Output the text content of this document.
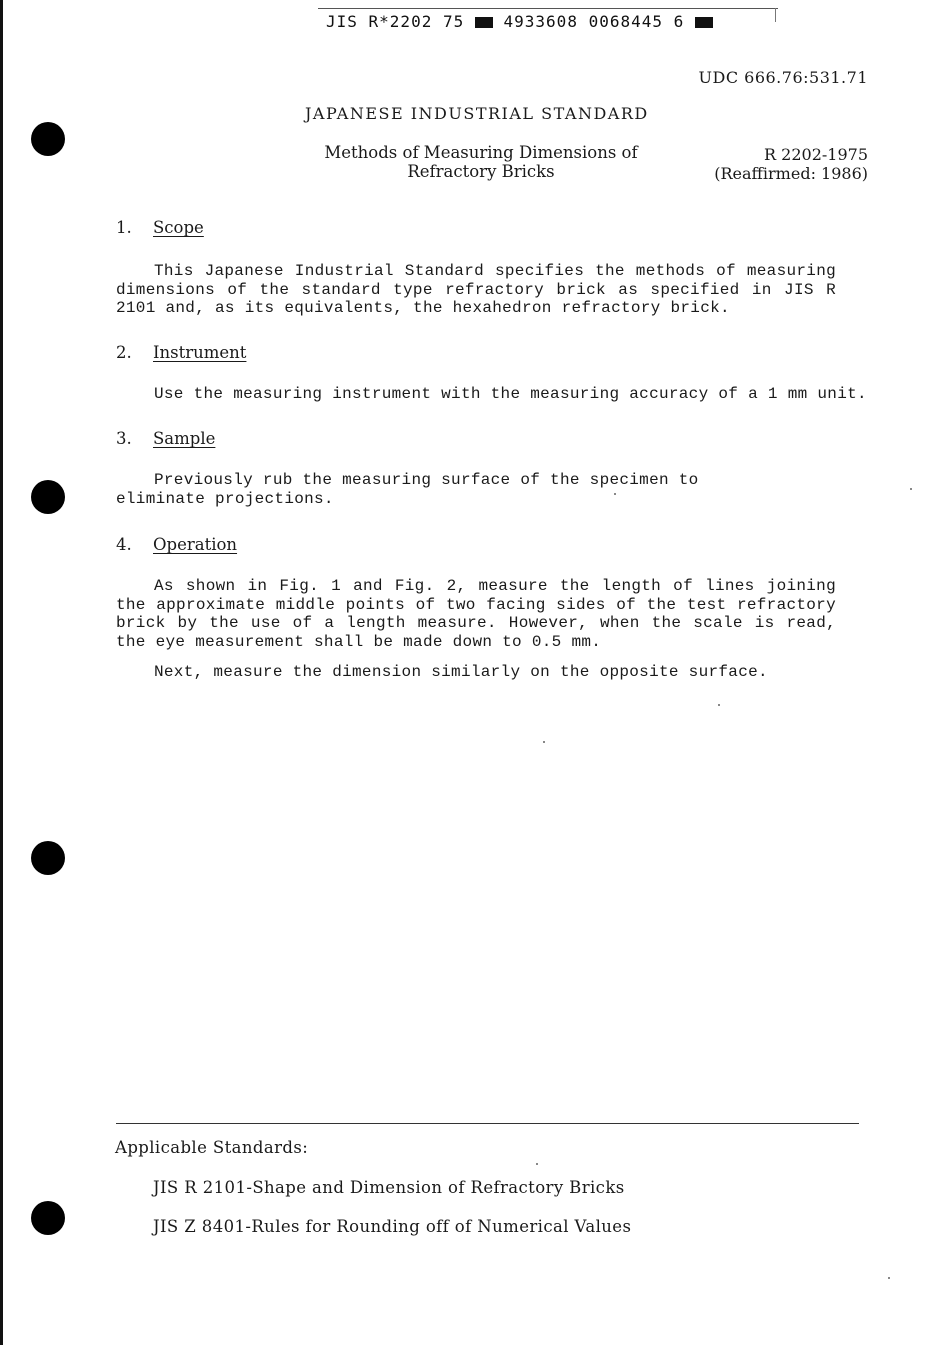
JIS R*2202 75 4933608 0068445 6
UDC 666.76:531.71
JAPANESE INDUSTRIAL STANDARD
Methods of Measuring Dimensions of
Refractory Bricks
R 2202-1975
(Reaffirmed: 1986)
1. Scope
This Japanese Industrial Standard specifies the methods of measuring dimensions of the standard type refractory brick as specified in JIS R 2101 and, as its equivalents, the hexahedron refractory brick.
2. Instrument
Use the measuring instrument with the measuring accuracy of a 1 mm unit.
3. Sample
Previously rub the measuring surface of the specimen to eliminate projections.
4. Operation
As shown in Fig. 1 and Fig. 2, measure the length of lines joining the approximate middle points of two facing sides of the test refractory brick by the use of a length measure. However, when the scale is read, the eye measurement shall be made down to 0.5 mm.
Next, measure the dimension similarly on the opposite surface.
Applicable Standards:
JIS R 2101-Shape and Dimension of Refractory Bricks
JIS Z 8401-Rules for Rounding off of Numerical Values
